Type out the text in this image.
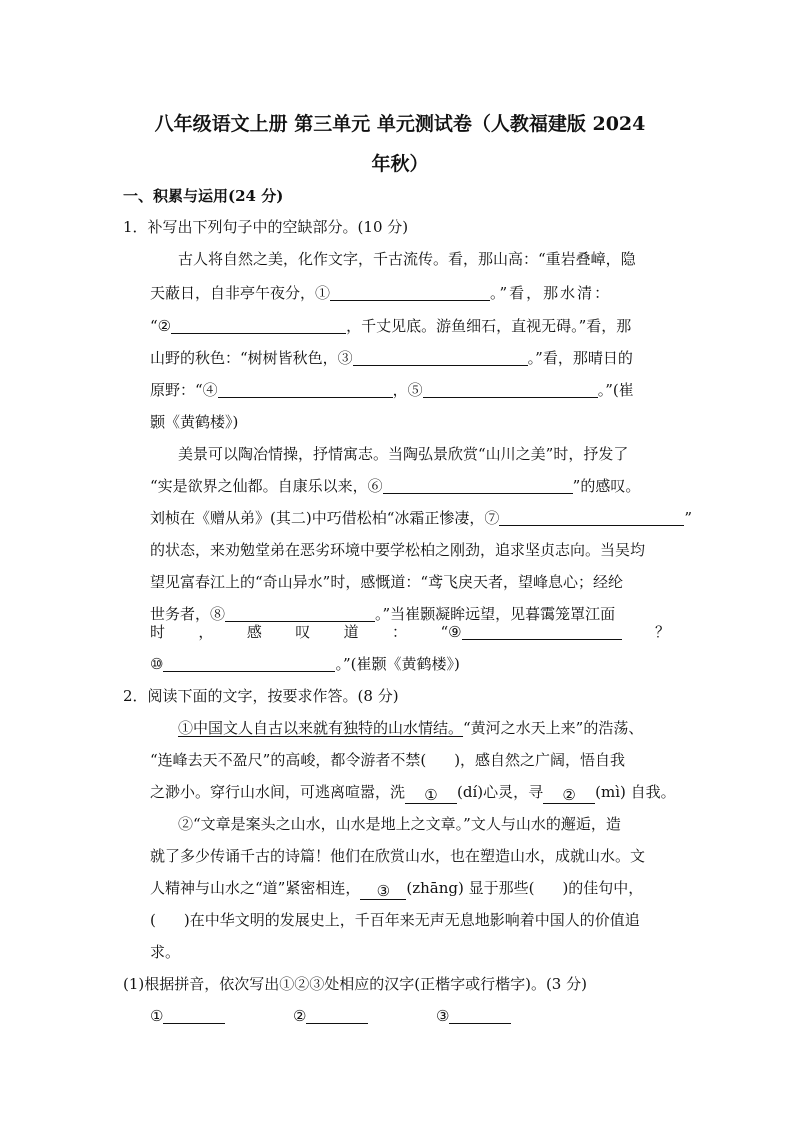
八年级语文上册 第三单元 单元测试卷（人教福建版 2024
年秋）
一、积累与运用(24 分)
1．补写出下列句子中的空缺部分。(10 分)
古人将自然之美，化作文字，千古流传。看，那山高：“重岩叠嶂，隐
天蔽日，自非亭午夜分，①	。”看，那水清：
“②	，千丈见底。游鱼细石，直视无碍。”看，那
山野的秋色：“树树皆秋色，③	。”看，那晴日的
原野：“④	，⑤	。”(崔
颢《黄鹤楼》)
美景可以陶冶情操，抒情寓志。当陶弘景欣赏“山川之美”时，抒发了
“实是欲界之仙都。自康乐以来，⑥	”的感叹。
刘桢在《赠从弟》(其二)中巧借松柏“冰霜正惨凄，⑦	”
的状态，来劝勉堂弟在恶劣环境中要学松柏之刚劲，追求坚贞志向。当吴均
望见富春江上的“奇山异水”时，感慨道：“鸢飞戾天者，望峰息心；经纶
世务者，⑧	。”当崔颢凝眸远望，见暮霭笼罩江面
时 ， 感 叹 道 ： “⑨	？
⑩	。”(崔颢《黄鹤楼》)
2．阅读下面的文字，按要求作答。(8 分)
①中国文人自古以来就有独特的山水情结。“黄河之水天上来”的浩荡、
“连峰去天不盈尺”的高峻，都令游者不禁( )，感自然之广阔，悟自我
之渺小。穿行山水间，可逃离喧嚣，洗 ① (dí)心灵，寻 ② (mì) 自我。
②“文章是案头之山水，山水是地上之文章。”文人与山水的邂逅，造
就了多少传诵千古的诗篇！他们在欣赏山水，也在塑造山水，成就山水。文
人精神与山水之“道”紧密相连， ③ (zhāng) 显于那些( )的佳句中，
( )在中华文明的发展史上，千百年来无声无息地影响着中国人的价值追
求。
(1)根据拼音，依次写出①②③处相应的汉字(正楷字或行楷字)。(3 分)
①	②	③
